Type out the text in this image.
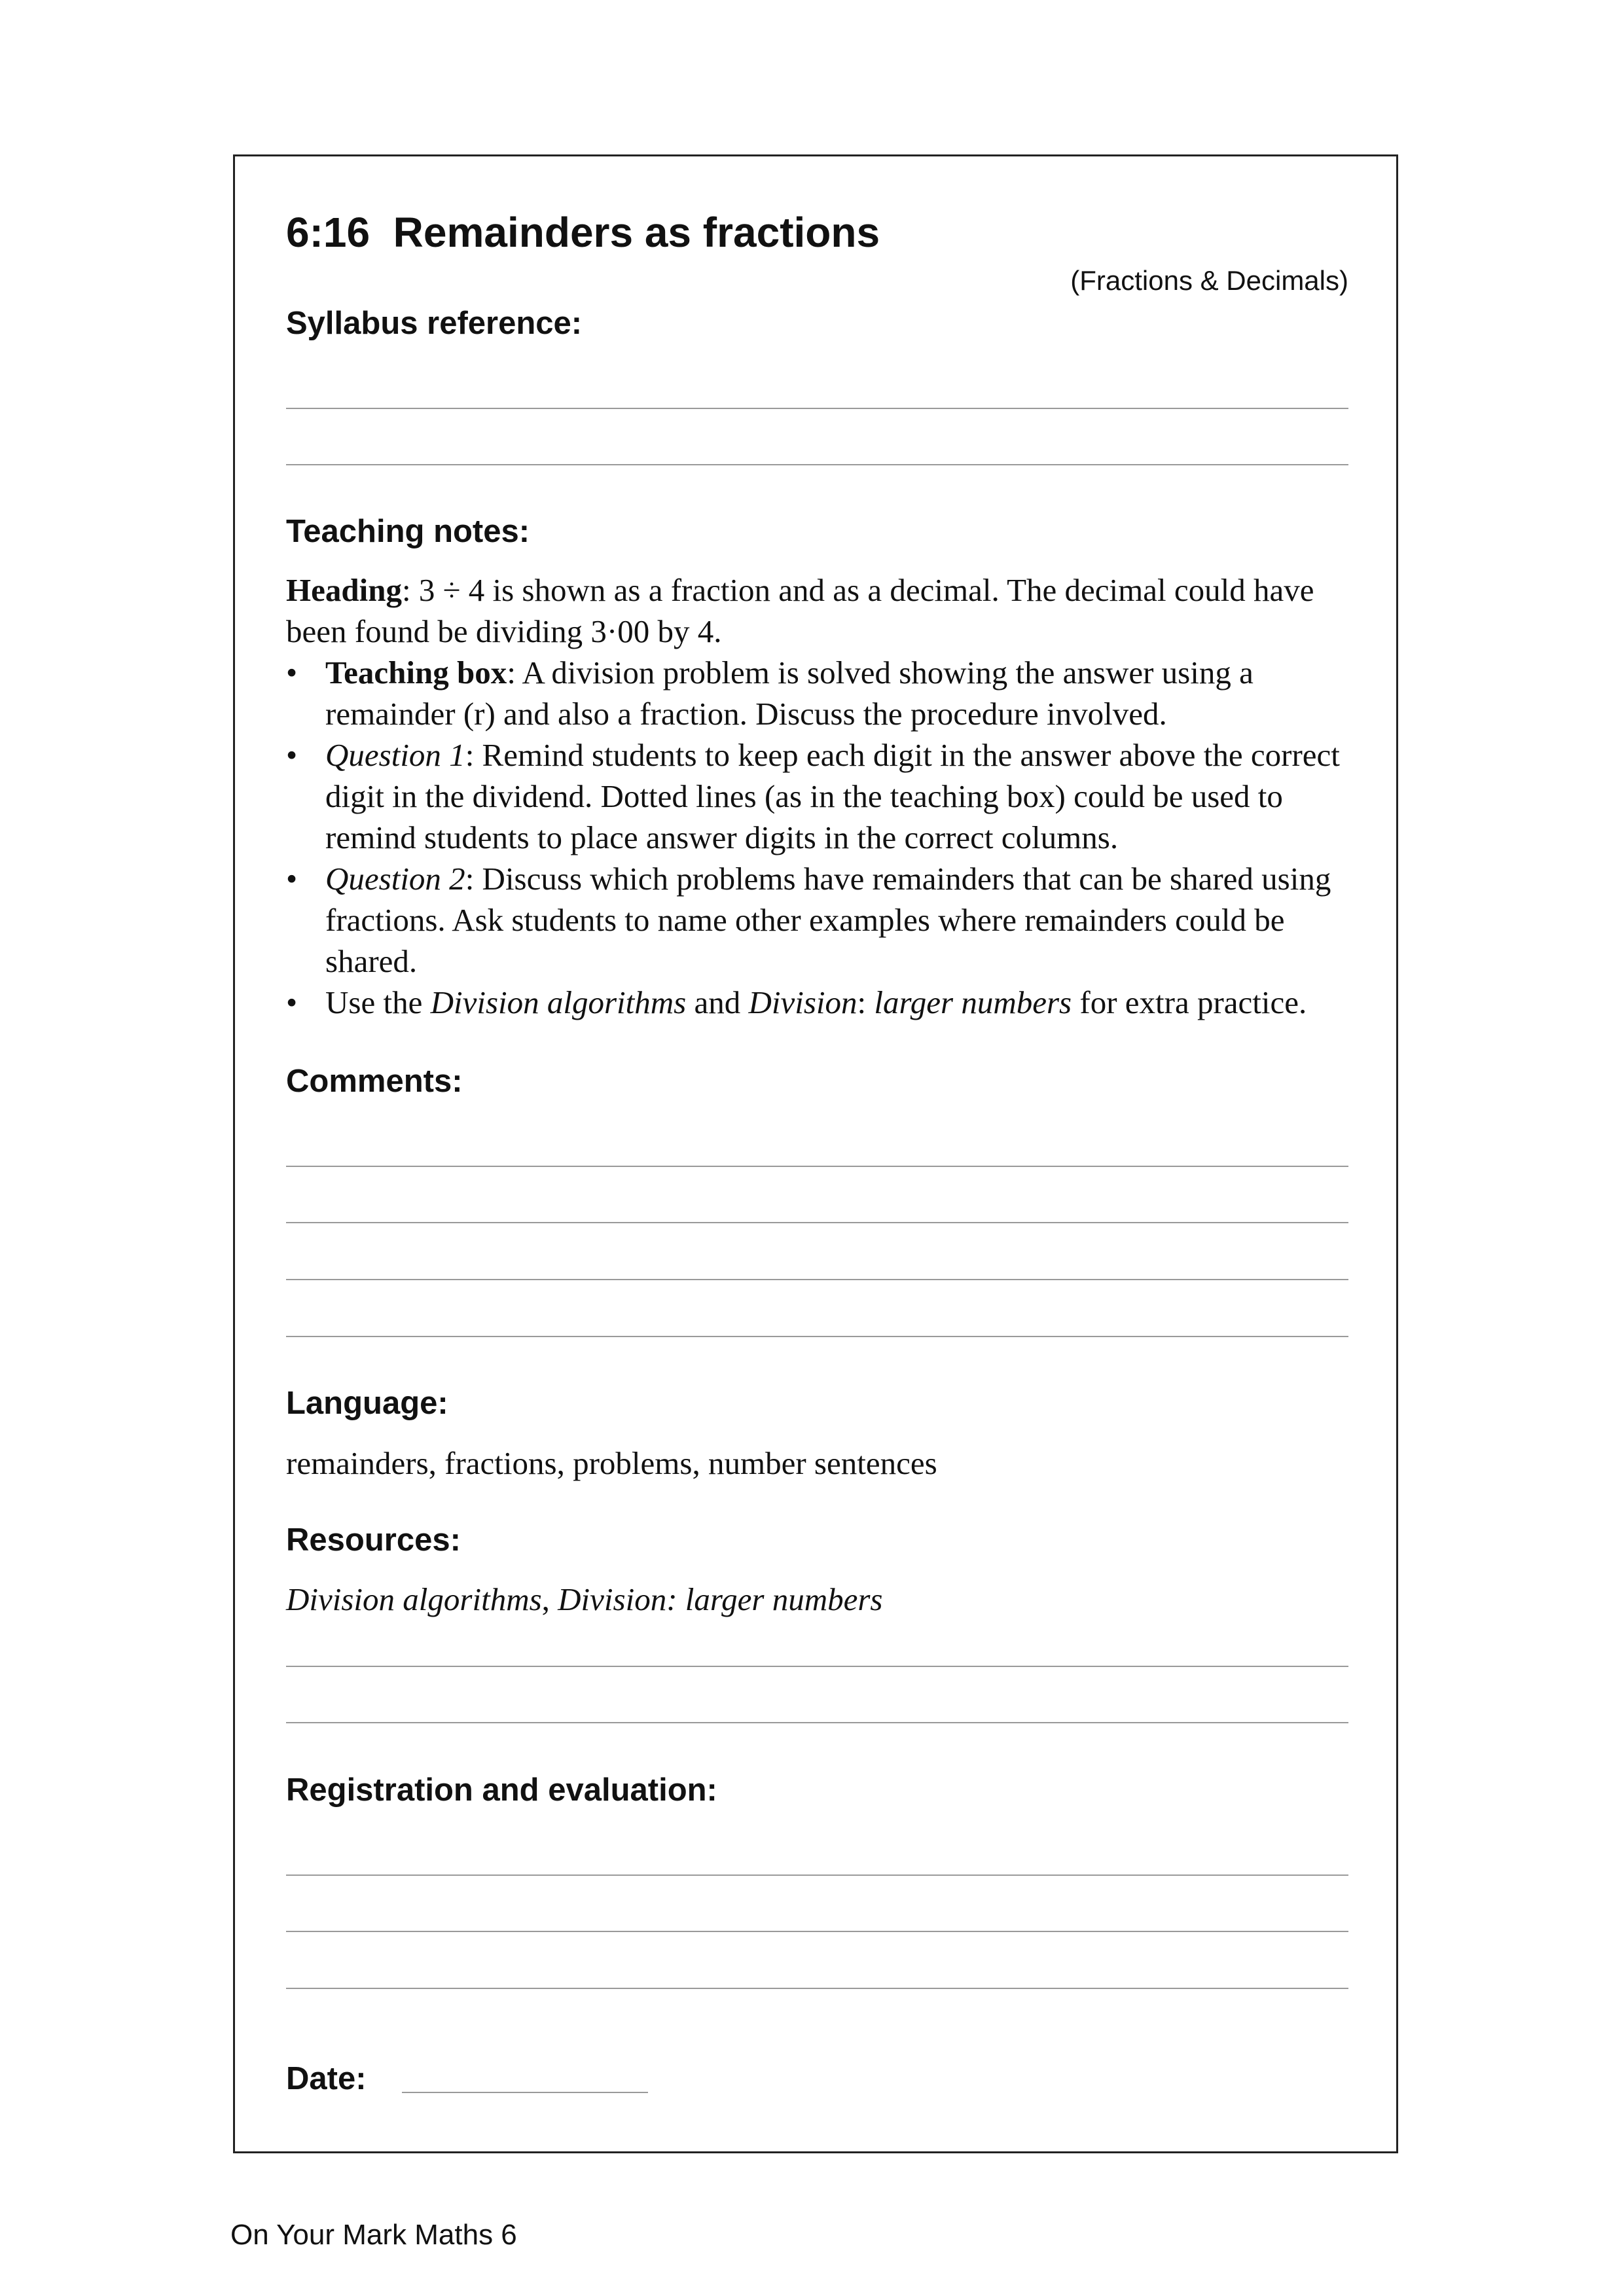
6:16  Remainders as fractions
(Fractions & Decimals)
Syllabus reference:
Teaching notes:

Heading: 3 ÷ 4 is shown as a fraction and as a decimal. The decimal could have been found be dividing 3·00 by 4.

• Teaching box: A division problem is solved showing the answer using a remainder (r) and also a fraction. Discuss the procedure involved.
• Question 1: Remind students to keep each digit in the answer above the correct digit in the dividend. Dotted lines (as in the teaching box) could be used to remind students to place answer digits in the correct columns.
• Question 2: Discuss which problems have remainders that can be shared using fractions. Ask students to name other examples where remainders could be shared.
• Use the Division algorithms and Division: larger numbers for extra practice.
Comments:
Language:
remainders, fractions, problems, number sentences
Resources:
Division algorithms, Division: larger numbers
Registration and evaluation:
Date:
On Your Mark Maths 6
